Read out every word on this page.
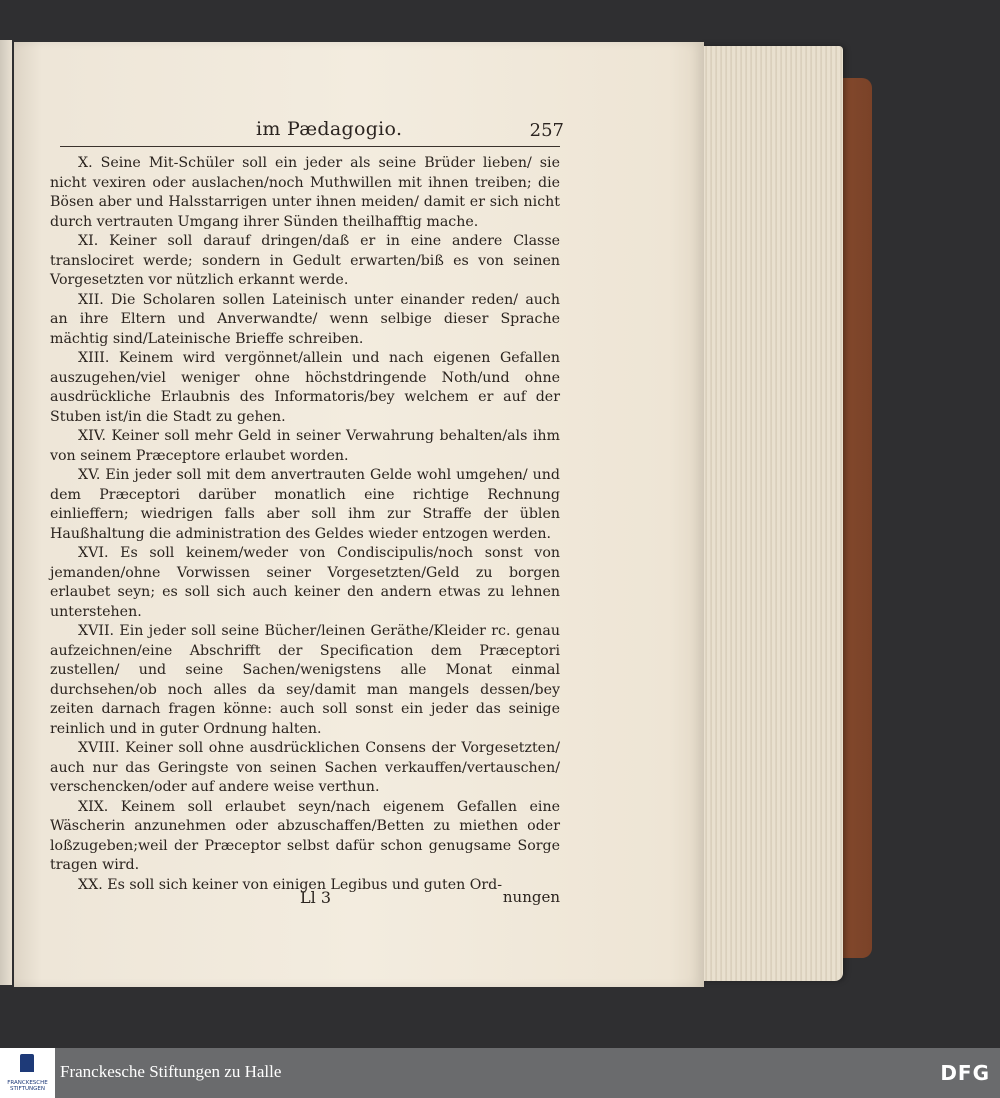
im Pædagogio.	257

X. Seine Mit-Schüler soll ein jeder als seine Brüder lieben/ sie nicht vexiren oder auslachen/noch Muthwillen mit ihnen treiben; die Bösen aber und Halsstarrigen unter ihnen meiden/ damit er sich nicht durch vertrauten Umgang ihrer Sünden theilhafftig mache.

XI. Keiner soll darauf dringen/daß er in eine andere Classe translociret werde; sondern in Gedult erwarten/biß es von seinen Vorgesetzten vor nützlich erkannt werde.

XII. Die Scholaren sollen Lateinisch unter einander reden/ auch an ihre Eltern und Anverwandte/ wenn selbige dieser Sprache mächtig sind/Lateinische Brieffe schreiben.

XIII. Keinem wird vergönnet/allein und nach eigenen Gefallen auszugehen/viel weniger ohne höchstdringende Noth/und ohne ausdrückliche Erlaubnis des Informatoris/bey welchem er auf der Stuben ist/in die Stadt zu gehen.

XIV. Keiner soll mehr Geld in seiner Verwahrung behalten/als ihm von seinem Præceptore erlaubet worden.

XV. Ein jeder soll mit dem anvertrauten Gelde wohl umgehen/ und dem Præceptori darüber monatlich eine richtige Rechnung einlieffern; wiedrigen falls aber soll ihm zur Straffe der üblen Haußhaltung die administration des Geldes wieder entzogen werden.

XVI. Es soll keinem/weder von Condiscipulis/noch sonst von jemanden/ohne Vorwissen seiner Vorgesetzten/Geld zu borgen erlaubet seyn; es soll sich auch keiner den andern etwas zu lehnen unterstehen.

XVII. Ein jeder soll seine Bücher/leinen Geräthe/Kleider rc. genau aufzeichnen/eine Abschrifft der Specification dem Præceptori zustellen/ und seine Sachen/wenigstens alle Monat einmal durchsehen/ob noch alles da sey/damit man mangels dessen/bey zeiten darnach fragen könne: auch soll sonst ein jeder das seinige reinlich und in guter Ordnung halten.

XVIII. Keiner soll ohne ausdrücklichen Consens der Vorgesetzten/ auch nur das Geringste von seinen Sachen verkauffen/vertauschen/ verschencken/oder auf andere weise verthun.

XIX. Keinem soll erlaubet seyn/nach eigenem Gefallen eine Wäscherin anzunehmen oder abzuschaffen/Betten zu miethen oder loßzugeben;weil der Præceptor selbst dafür schon genugsame Sorge tragen wird.

XX. Es soll sich keiner von einigen Legibus und guten Ord-

Ll 3	nungen
FRANCKESCHE STIFTUNGEN
Franckesche Stiftungen zu Halle	DFG
